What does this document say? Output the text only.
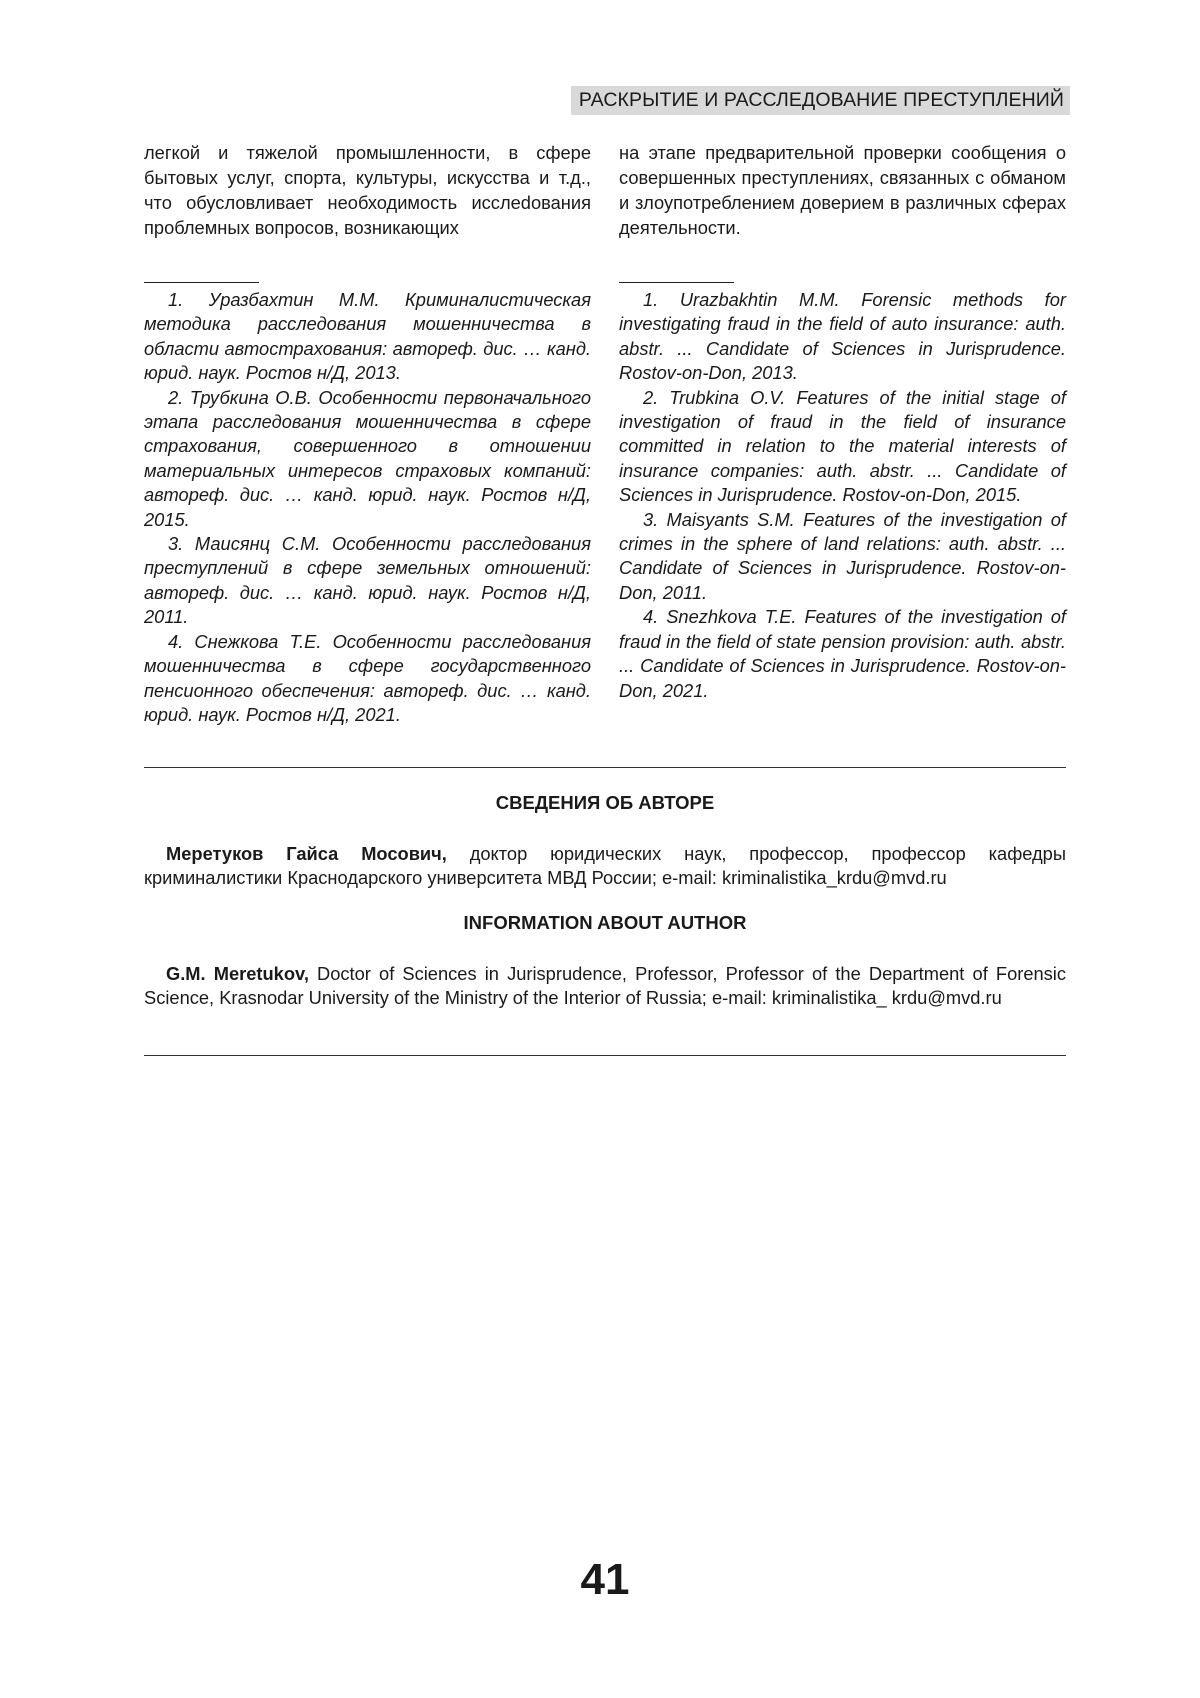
РАСКРЫТИЕ И РАССЛЕДОВАНИЕ ПРЕСТУПЛЕНИЙ

легкой и тяжелой промышленности, в сфере бытовых услуг, спорта, культуры, искусства и т.д., что обусловливает необходимость иссле­dования проблемных вопросов, возникающих

на этапе предварительной проверки сообще­ния о совершенных преступлениях, связанных с обманом и злоупотреблением доверием в различных сферах деятельности.

1. Уразбахтин М.М. Криминалистическая методика расследования мошенничества в области автострахования: автореф. дис. … канд. юрид. наук. Ростов н/Д, 2013.

2. Трубкина О.В. Особенности первоначаль­ного этапа расследования мошенничества в сфере страхования, совершенного в отно­шении материальных интересов страховых компаний: автореф. дис. … канд. юрид. наук. Ростов н/Д, 2015.

3. Маисянц С.М. Особенности расследо­вания преступлений в сфере земельных от­ношений: автореф. дис. … канд. юрид. наук. Ростов н/Д, 2011.

4. Снежкова Т.Е. Особенности расследова­ния мошенничества в сфере государственно­го пенсионного обеспечения: автореф. дис. … канд. юрид. наук. Ростов н/Д, 2021.

1. Urazbakhtin M.M. Forensic methods for investigating fraud in the field of auto insurance: auth. abstr. ... Candidate of Sciences in Jurisprudence. Rostov-on-Don, 2013.

2. Trubkina O.V. Features of the initial stage of investigation of fraud in the field of insurance committed in relation to the material interests of insurance companies: auth. abstr. ... Candidate of Sciences in Jurisprudence. Rostov-on-Don, 2015.

3. Maisyants S.M. Features of the investigation of crimes in the sphere of land relations: auth. abstr. ... Candidate of Sciences in Jurisprudence. Rostov-on-Don, 2011.

4. Snezhkova T.E. Features of the investigation of fraud in the field of state pension provision: auth. abstr. ... Candidate of Sciences in Jurisprudence. Rostov-on-Don, 2021.

СВЕДЕНИЯ ОБ АВТОРЕ

Меретуков Гайса Мосович, доктор юридических наук, профессор, профессор кафедры криминалистики Краснодарского университета МВД России; e-mail: kriminalistika_krdu@mvd.ru

INFORMATION ABOUT AUTHOR

G.M. Meretukov, Doctor of Sciences in Jurisprudence, Professor, Professor of the Department of Forensic Science, Krasnodar University of the Ministry of the Interior of Russia; e-mail: kriminalistika_ krdu@mvd.ru

41
